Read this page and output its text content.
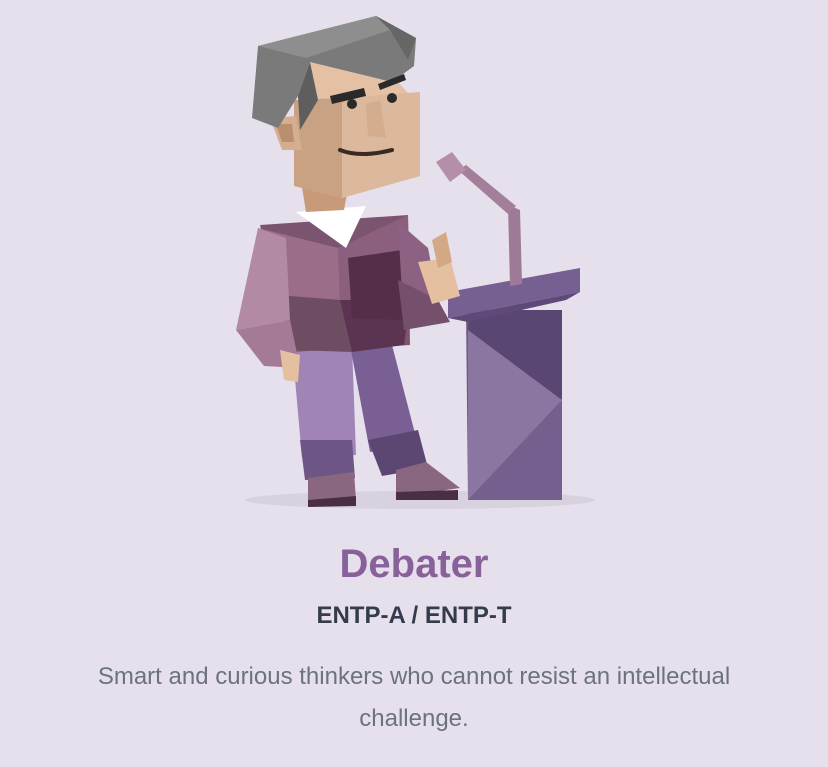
Debater
ENTP-A / ENTP-T
Smart and curious thinkers who cannot resist an intellectual challenge.
